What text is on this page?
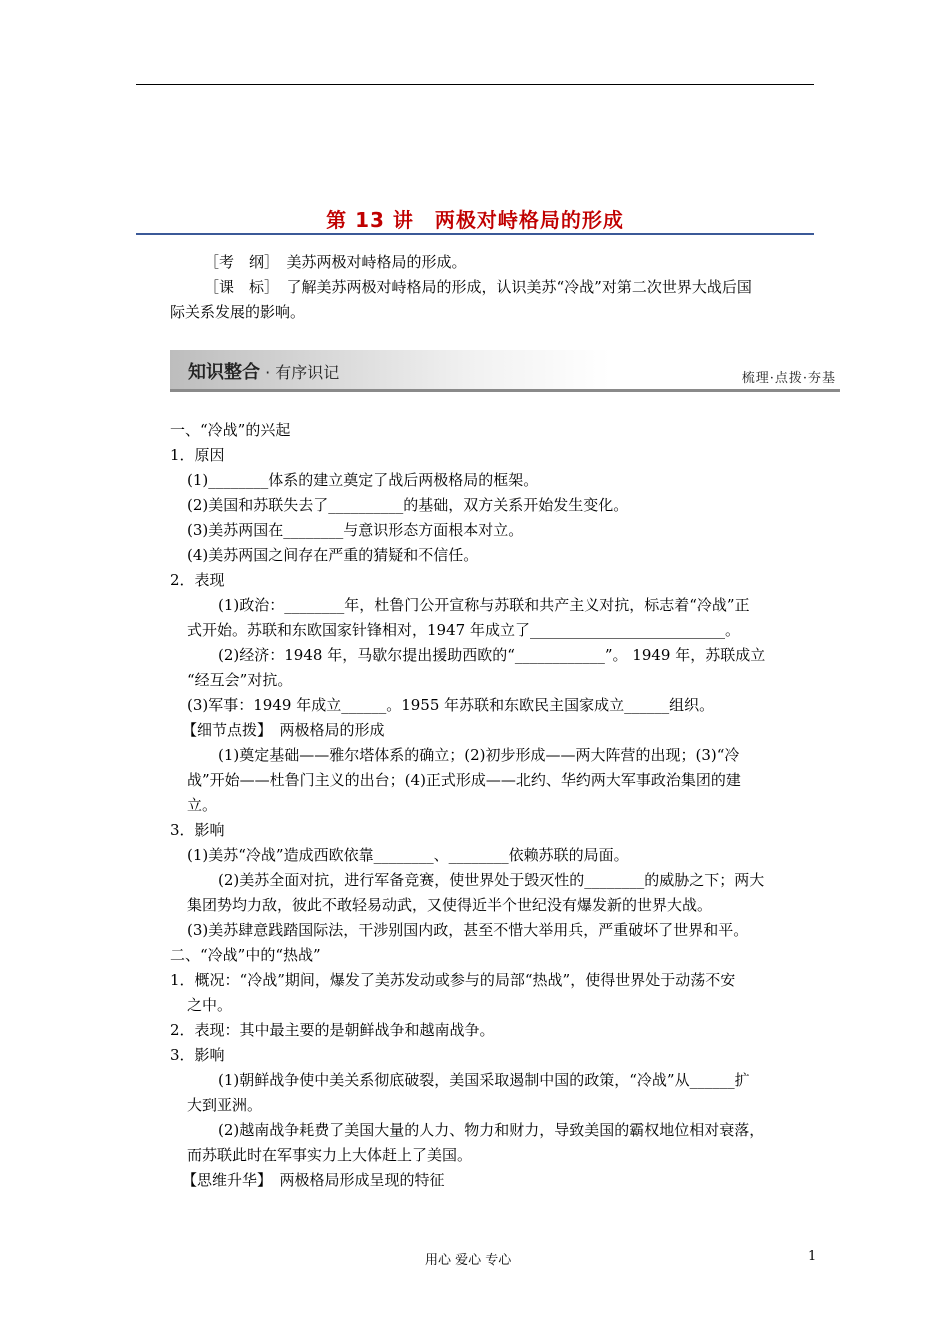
第 13 讲　两极对峙格局的形成
［考　纲］　美苏两极对峙格局的形成。
［课　标］　了解美苏两极对峙格局的形成，认识美苏“冷战”对第二次世界大战后国
际关系发展的影响。
知识整合 · 有序识记	梳理·点拨·夯基
一、“冷战”的兴起
1．原因
(1)________体系的建立奠定了战后两极格局的框架。
(2)美国和苏联失去了__________的基础，双方关系开始发生变化。
(3)美苏两国在________与意识形态方面根本对立。
(4)美苏两国之间存在严重的猜疑和不信任。
2．表现
(1)政治：________年，杜鲁门公开宣称与苏联和共产主义对抗，标志着“冷战”正
式开始。苏联和东欧国家针锋相对，1947 年成立了__________________________。
(2)经济：1948 年，马歇尔提出援助西欧的“____________”。 1949 年，苏联成立
“经互会”对抗。
(3)军事：1949 年成立______。1955 年苏联和东欧民主国家成立______组织。
【细节点拨】　两极格局的形成
(1)奠定基础——雅尔塔体系的确立；(2)初步形成——两大阵营的出现；(3)“冷
战”开始——杜鲁门主义的出台；(4)正式形成——北约、华约两大军事政治集团的建
立。
3．影响
(1)美苏“冷战”造成西欧依靠________、________依赖苏联的局面。
(2)美苏全面对抗，进行军备竞赛，使世界处于毁灭性的________的威胁之下；两大
集团势均力敌，彼此不敢轻易动武，又使得近半个世纪没有爆发新的世界大战。
(3)美苏肆意践踏国际法，干涉别国内政，甚至不惜大举用兵，严重破坏了世界和平。
二、“冷战”中的“热战”
1．概况：“冷战”期间，爆发了美苏发动或参与的局部“热战”，使得世界处于动荡不安
之中。
2．表现：其中最主要的是朝鲜战争和越南战争。
3．影响
(1)朝鲜战争使中美关系彻底破裂，美国采取遏制中国的政策，“冷战”从______扩
大到亚洲。
(2)越南战争耗费了美国大量的人力、物力和财力，导致美国的霸权地位相对衰落，
而苏联此时在军事实力上大体赶上了美国。
【思维升华】　两极格局形成呈现的特征
用心 爱心 专心	1
